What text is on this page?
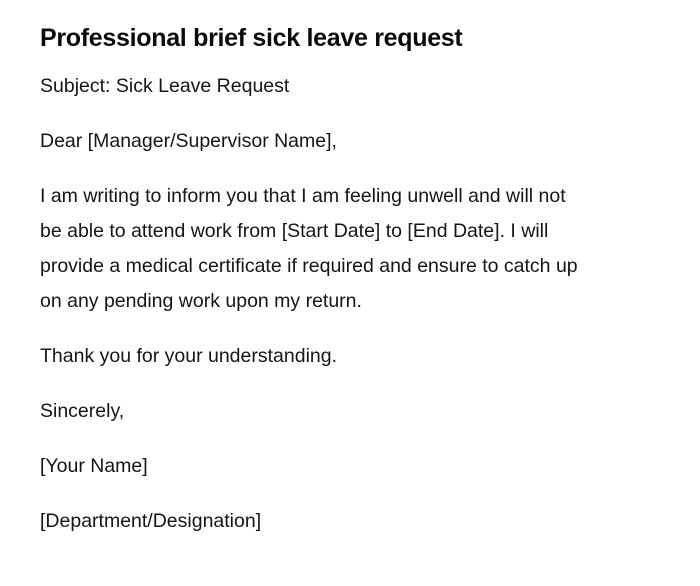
Professional brief sick leave request
Subject: Sick Leave Request
Dear [Manager/Supervisor Name],
I am writing to inform you that I am feeling unwell and will not
be able to attend work from [Start Date] to [End Date]. I will
provide a medical certificate if required and ensure to catch up
on any pending work upon my return.
Thank you for your understanding.
Sincerely,
[Your Name]
[Department/Designation]
